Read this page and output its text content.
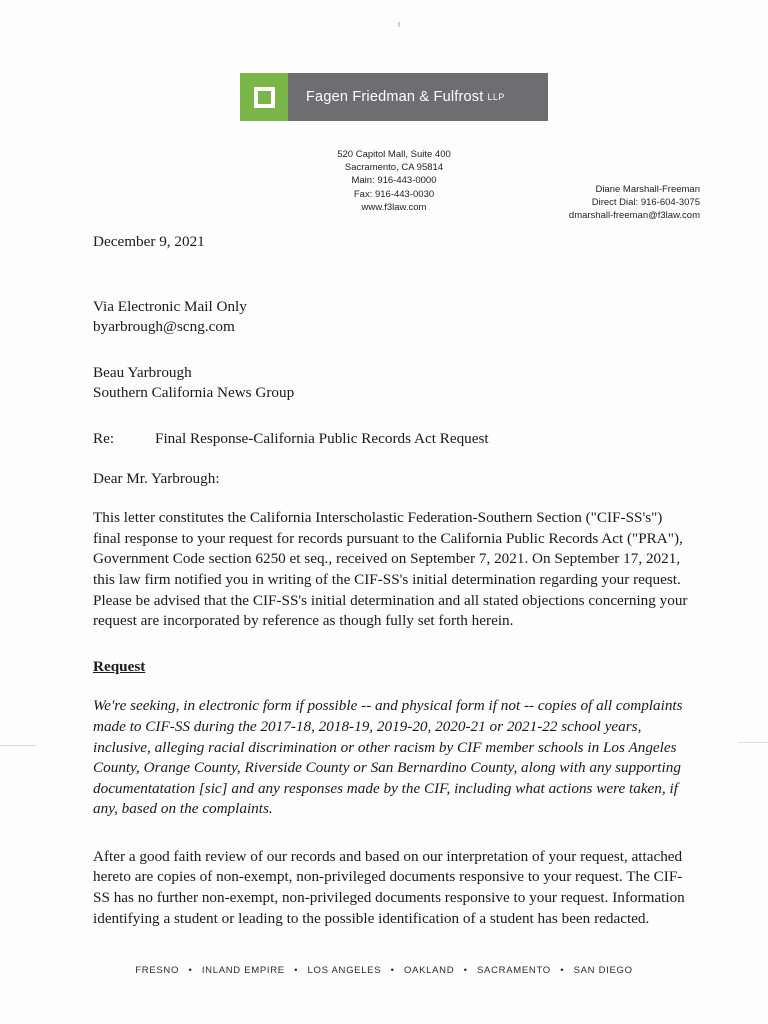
Fagen Friedman & Fulfrost LLP
520 Capitol Mall, Suite 400
Sacramento, CA 95814
Main: 916-443-0000
Fax: 916-443-0030
www.f3law.com
Diane Marshall-Freeman
Direct Dial: 916-604-3075
dmarshall-freeman@f3law.com

December 9, 2021

Via Electronic Mail Only

byarbrough@scng.com

Beau Yarbrough

Southern California News Group

Re:	Final Response-California Public Records Act Request

Dear Mr. Yarbrough:

This letter constitutes the California Interscholastic Federation-Southern Section ("CIF-SS's") final response to your request for records pursuant to the California Public Records Act ("PRA"), Government Code section 6250 et seq., received on September 7, 2021. On September 17, 2021, this law firm notified you in writing of the CIF-SS's initial determination regarding your request. Please be advised that the CIF-SS's initial determination and all stated objections concerning your request are incorporated by reference as though fully set forth herein.

Request

We're seeking, in electronic form if possible -- and physical form if not -- copies of all complaints made to CIF-SS during the 2017-18, 2018-19, 2019-20, 2020-21 or 2021-22 school years, inclusive, alleging racial discrimination or other racism by CIF member schools in Los Angeles County, Orange County, Riverside County or San Bernardino County, along with any supporting documentatation [sic] and any responses made by the CIF, including what actions were taken, if any, based on the complaints.

After a good faith review of our records and based on our interpretation of your request, attached hereto are copies of non-exempt, non-privileged documents responsive to your request. The CIF-SS has no further non-exempt, non-privileged documents responsive to your request. Information identifying a student or leading to the possible identification of a student has been redacted.

FRESNO • INLAND EMPIRE • LOS ANGELES • OAKLAND • SACRAMENTO • SAN DIEGO
